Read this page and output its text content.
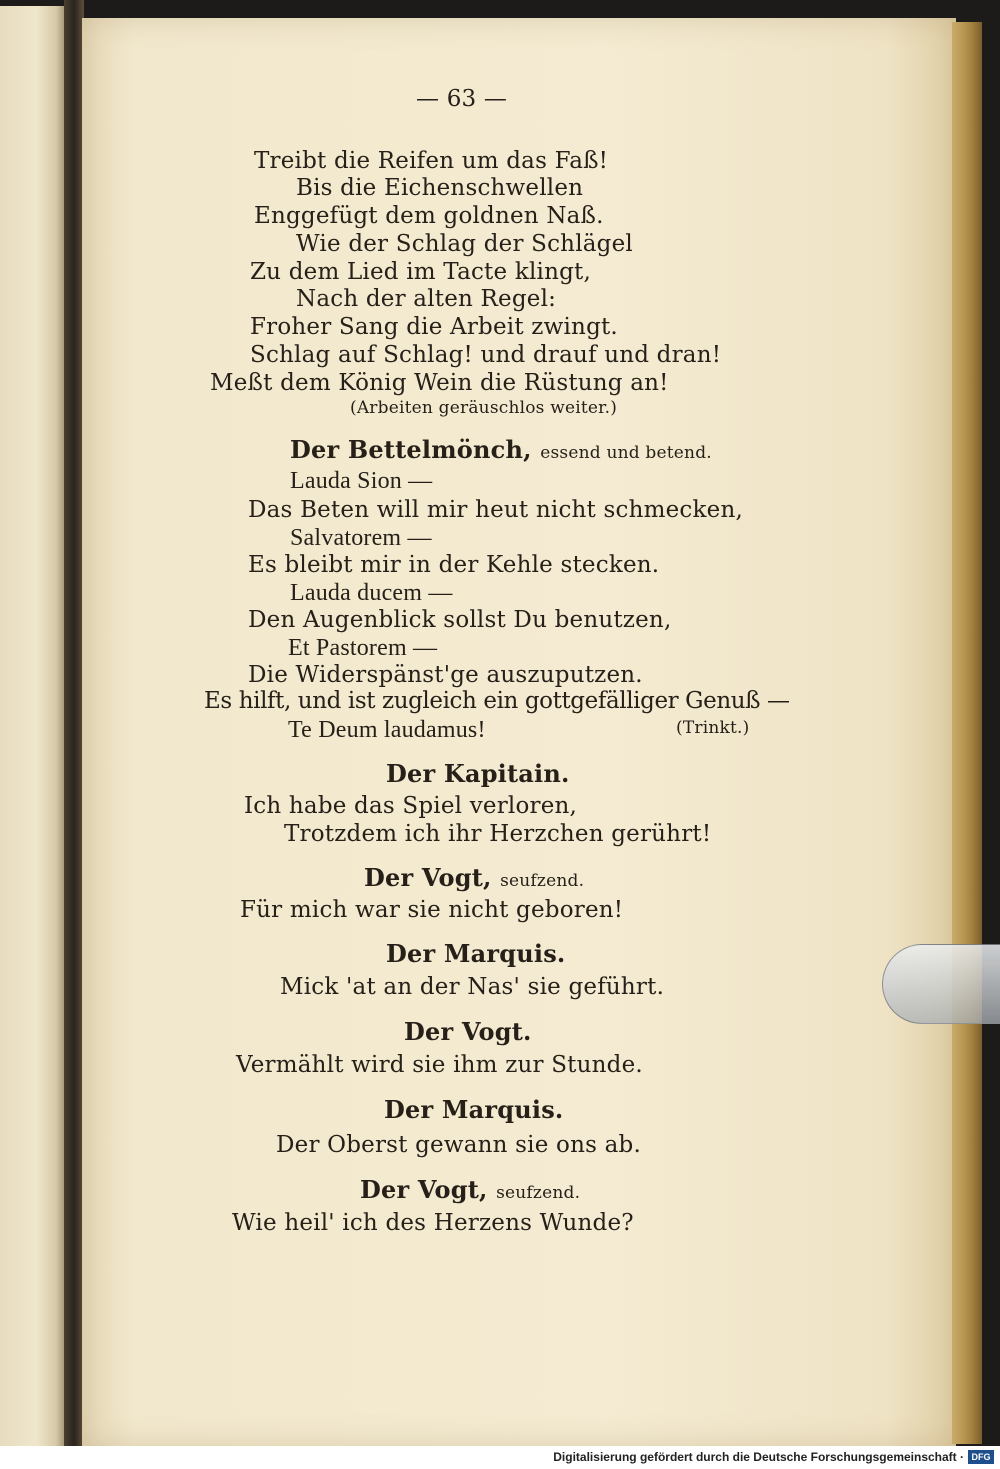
— 63 —
Treibt die Reifen um das Faß!
Bis die Eichenschwellen
Enggefügt dem goldnen Naß.
Wie der Schlag der Schlägel
Zu dem Lied im Tacte klingt,
Nach der alten Regel:
Froher Sang die Arbeit zwingt.
Schlag auf Schlag! und drauf und dran!
Meßt dem König Wein die Rüstung an!
(Arbeiten geräuschlos weiter.)
Der Bettelmönch, essend und betend.
Lauda Sion —
Das Beten will mir heut nicht schmecken,
Salvatorem —
Es bleibt mir in der Kehle stecken.
Lauda ducem —
Den Augenblick sollst Du benutzen,
Et Pastorem —
Die Widerspänst'ge auszuputzen.
Es hilft, und ist zugleich ein gottgefälliger Genuß —
Te Deum laudamus!	(Trinkt.)
Der Kapitain.
Ich habe das Spiel verloren,
Trotzdem ich ihr Herzchen gerührt!
Der Vogt, seufzend.
Für mich war sie nicht geboren!
Der Marquis.
Mick 'at an der Nas' sie geführt.
Der Vogt.
Vermählt wird sie ihm zur Stunde.
Der Marquis.
Der Oberst gewann sie ons ab.
Der Vogt, seufzend.
Wie heil' ich des Herzens Wunde?
Digitalisierung gefördert durch die Deutsche Forschungsgemeinschaft · DFG
